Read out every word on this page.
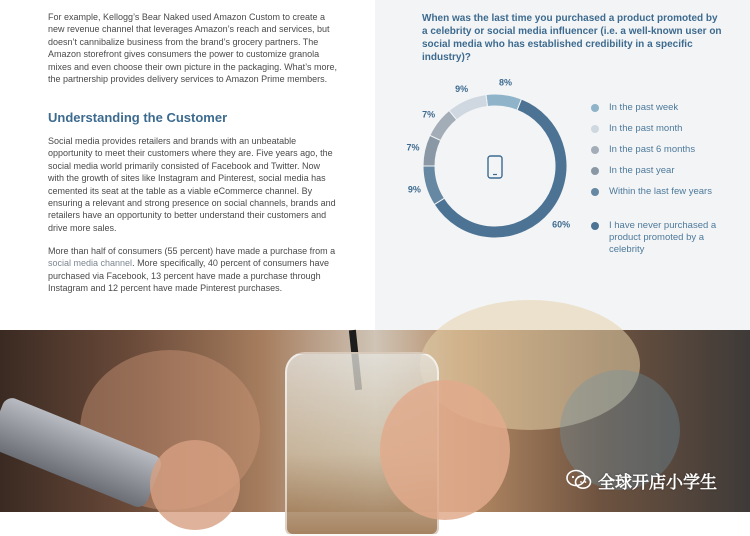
For example, Kellogg’s Bear Naked used Amazon Custom to create a new revenue channel that leverages Amazon’s reach and services, but doesn’t cannibalize business from the brand’s grocery partners. The Amazon storefront gives consumers the power to customize granola mixes and even choose their own picture in the packaging. What’s more, the partnership provides delivery services to Amazon Prime members.

Understanding the Customer

Social media provides retailers and brands with an unbeatable opportunity to meet their customers where they are. Five years ago, the social media world primarily consisted of Facebook and Twitter. Now with the growth of sites like Instagram and Pinterest, social media has cemented its seat at the table as a viable eCommerce channel. By ensuring a relevant and strong presence on social channels, brands and retailers have an opportunity to better understand their customers and drive more sales.

More than half of consumers (55 percent) have made a purchase from a social media channel. More specifically, 40 percent of consumers have purchased via Facebook, 13 percent have made a purchase through Instagram and 12 percent have made Pinterest purchases.

When was the last time you purchased a product promoted by a celebrity or social media influencer (i.e. a well-known user on social media who has established credibility in a specific industry)?

8%
60%
9%
7%
7%
9%
In the past week
In the past month
In the past 6 months
In the past year
Within the last few years
I have never purchased a product promoted by a celebrity
全球开店小学生
